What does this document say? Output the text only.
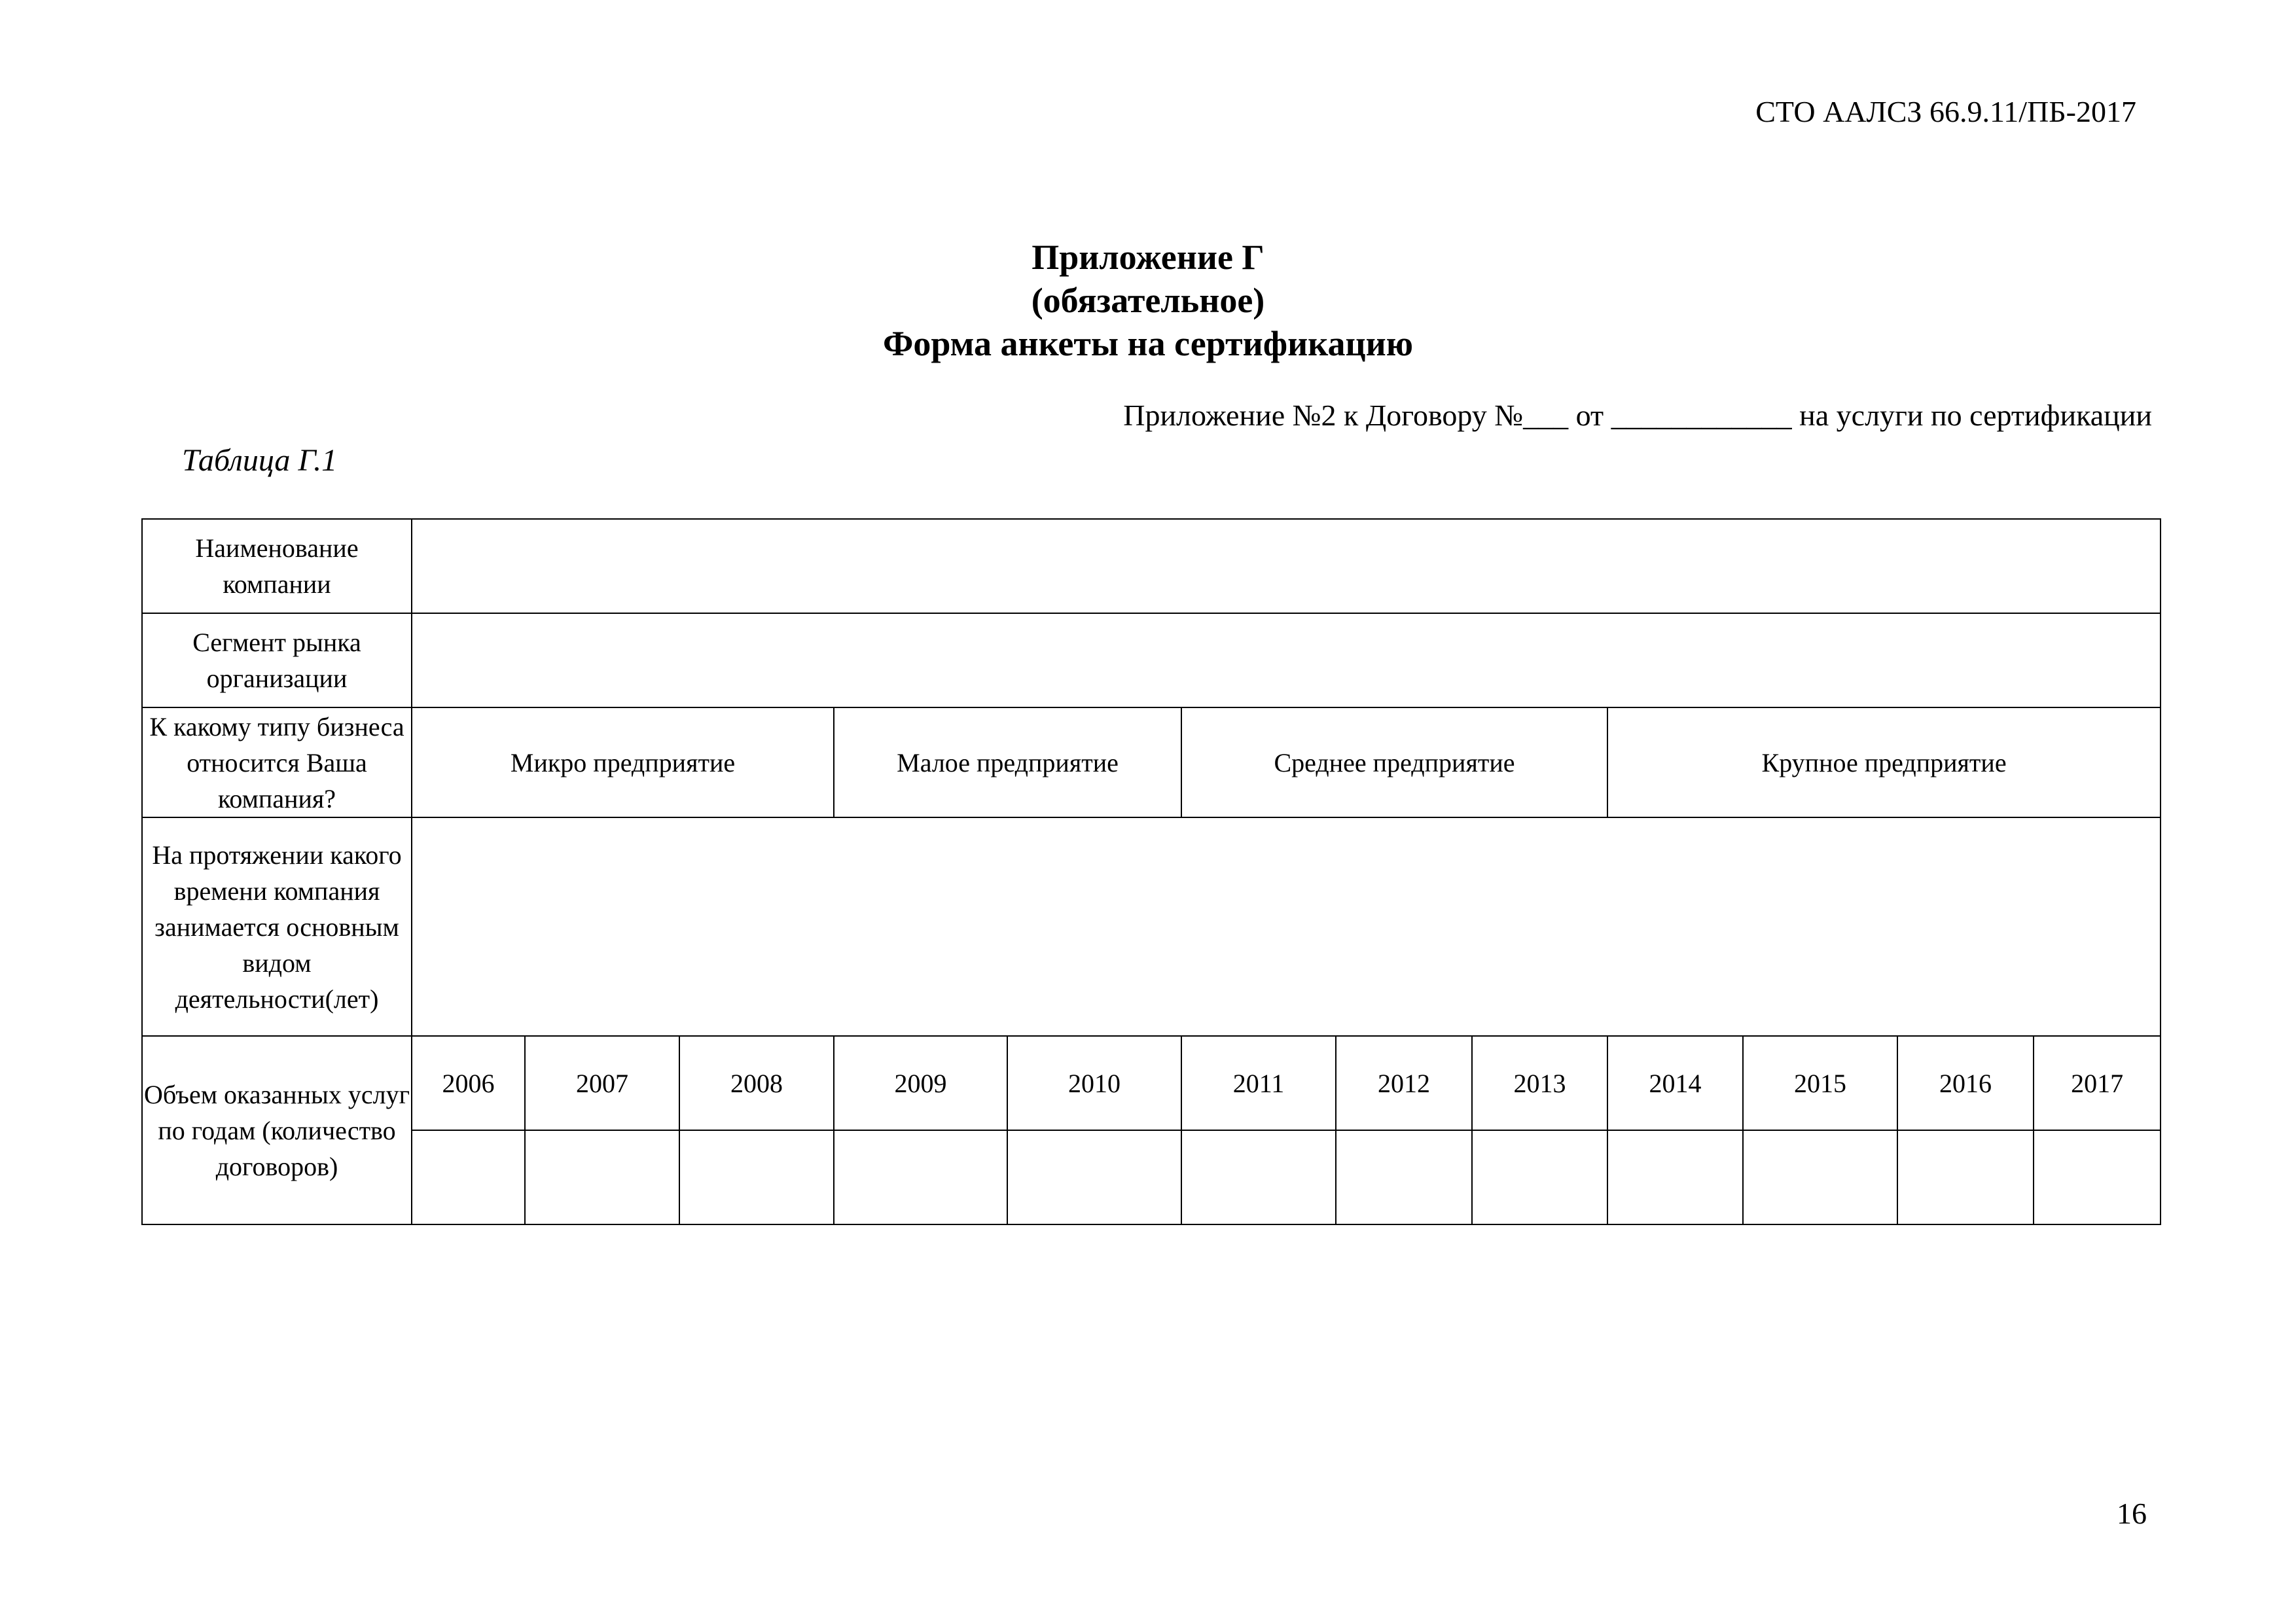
СТО ААЛСЗ 66.9.11/ПБ-2017
Приложение Г
(обязательное)
Форма анкеты на сертификацию
Приложение №2 к Договору №___ от ____________ на услуги по сертификации
Таблица Г.1
Наименование компании												
Сегмент рынка организации												
К какому типу бизнеса относится Ваша компания?	Микро предприятие			Малое предприятие		Среднее предприятие			Крупное предприятие			
На протяжении какого времени компания занимается основным видом деятельности(лет)												
Объем оказанных услуг по годам (количество договоров)	2006	2007	2008	2009	2010	2011	2012	2013	2014	2015	2016	2017

16
